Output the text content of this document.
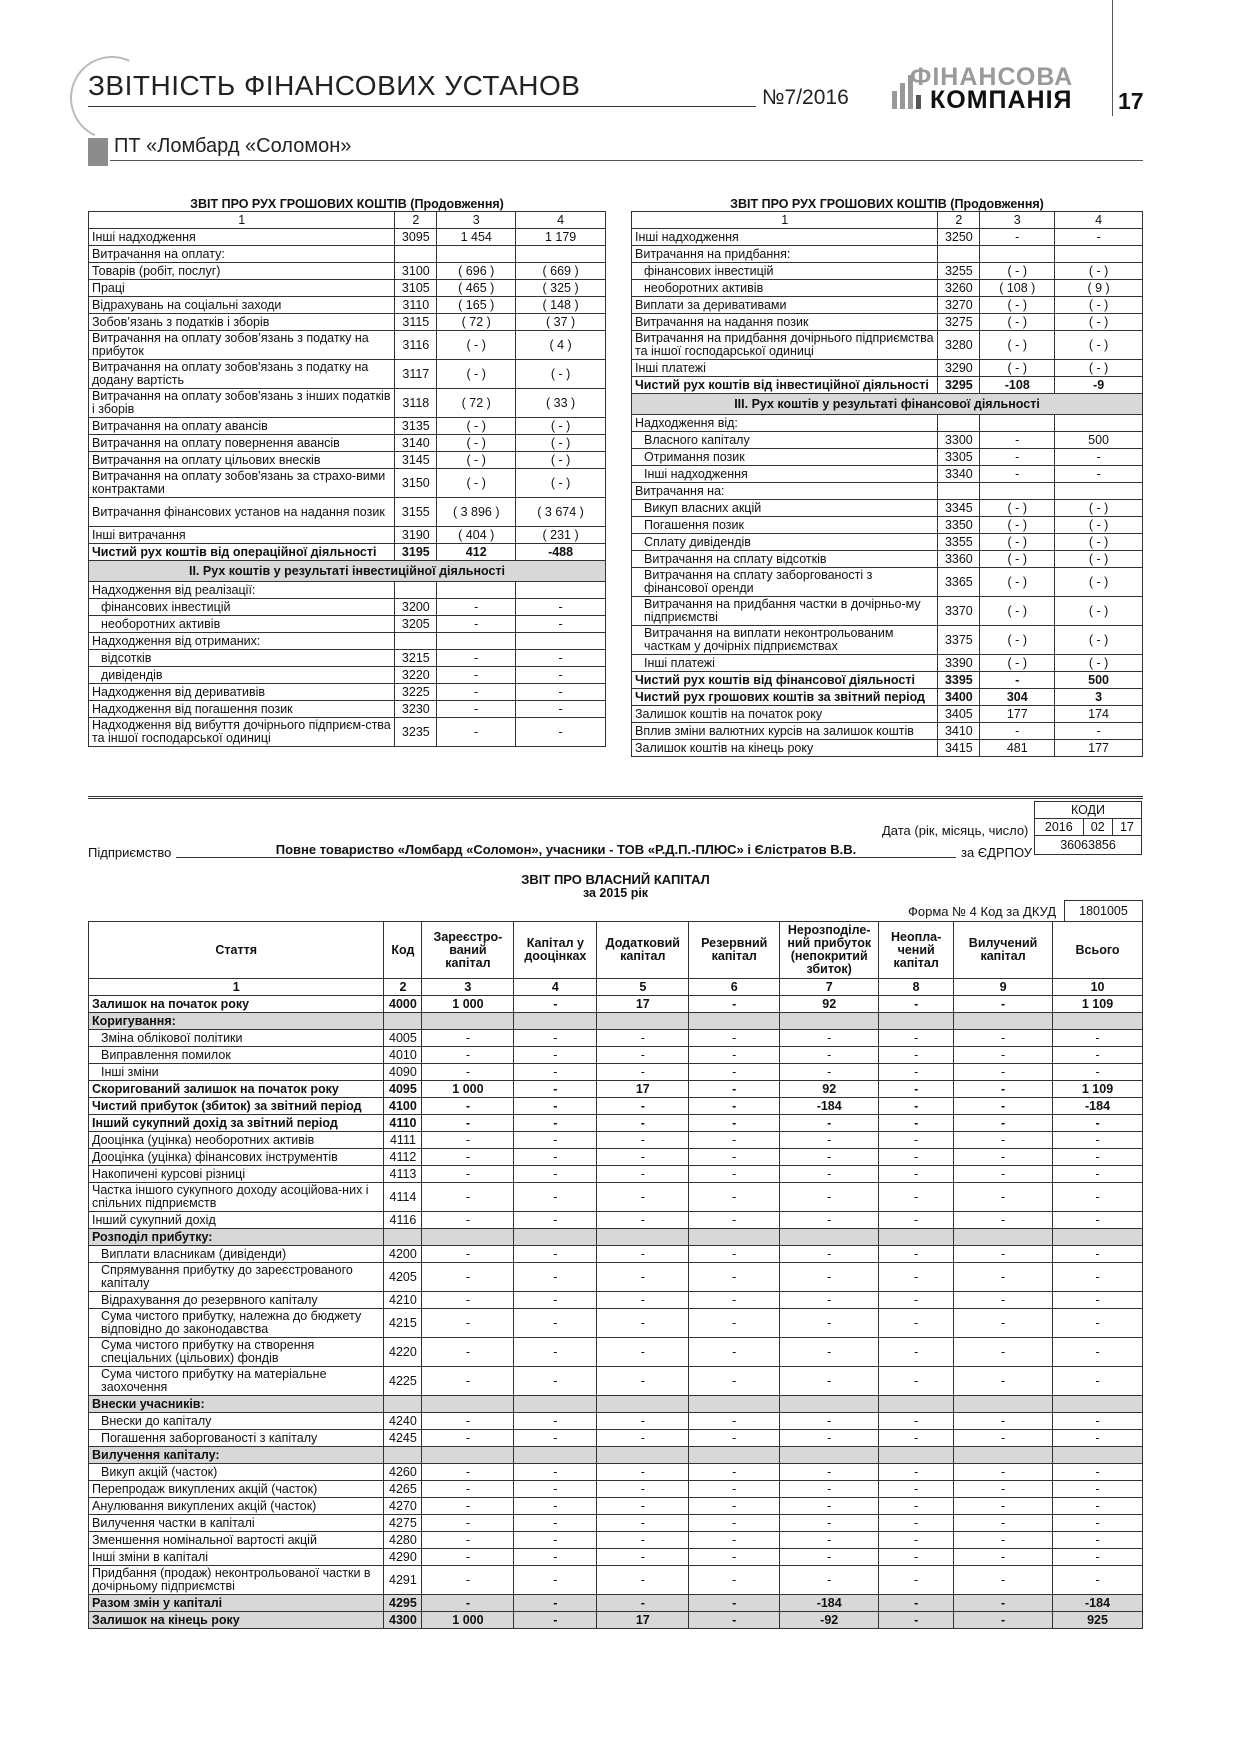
ЗВІТНІСТЬ ФІНАНСОВИХ УСТАНОВ	№7/2016
ФІНАНСОВА
КОМПАНІЯ 17
ПТ «Ломбард «Соломон»
ЗВІТ ПРО РУХ ГРОШОВИХ КОШТІВ (Продовження)			
1	2	3	4
Інші надходження	3095	1 454	1 179
Витрачання на оплату:			
Товарів (робіт, послуг)	3100	( 696 )	( 669 )
Праці	3105	( 465 )	( 325 )
Відрахувань на соціальні заходи	3110	( 165 )	( 148 )
Зобов’язань з податків і зборів	3115	( 72 )	( 37 )
Витрачання на оплату зобов’язань з податку на прибуток	3116	( - )	( 4 )
Витрачання на оплату зобов'язань з податку на додану вартість	3117	( - )	( - )
Витрачання на оплату зобов'язань з інших податків і зборів	3118	( 72 )	( 33 )
Витрачання на оплату авансів	3135	( - )	( - )
Витрачання на оплату повернення авансів	3140	( - )	( - )
Витрачання на оплату цільових внесків	3145	( - )	( - )
Витрачання на оплату зобов'язань за страхо-вими контрактами	3150	( - )	( - )
Витрачання фінансових установ на надання позик	3155	( 3 896 )	( 3 674 )
Інші витрачання	3190	( 404 )	( 231 )
Чистий рух коштів від операційної діяльності	3195	412	-488
ІІ. Рух коштів у результаті інвестиційної діяльності			
Надходження від реалізації:			
фінансових інвестицій	3200	-	-
необоротних активів	3205	-	-
Надходження від отриманих:			
відсотків	3215	-	-
дивідендів	3220	-	-
Надходження від деривативів	3225	-	-
Надходження від погашення позик	3230	-	-
Надходження від вибуття дочірнього підприєм-ства та іншої господарської одиниці	3235	-	-
ЗВІТ ПРО РУХ ГРОШОВИХ КОШТІВ (Продовження)			
1	2	3	4
Інші надходження	3250	-	-
Витрачання на придбання:			
фінансових інвестицій	3255	( - )	( - )
необоротних активів	3260	( 108 )	( 9 )
Виплати за деривативами	3270	( - )	( - )
Витрачання на надання позик	3275	( - )	( - )
Витрачання на придбання дочірнього підприємства та іншої господарської одиниці	3280	( - )	( - )
Інші платежі	3290	( - )	( - )
Чистий рух коштів від інвестиційної діяльності	3295	-108	-9
ІІІ. Рух коштів у результаті фінансової діяльності			
Надходження від:			
Власного капіталу	3300	-	500
Отримання позик	3305	-	-
Інші надходження	3340	-	-
Витрачання на:			
Викуп власних акцій	3345	( - )	( - )
Погашення позик	3350	( - )	( - )
Сплату дивідендів	3355	( - )	( - )
Витрачання на сплату відсотків	3360	( - )	( - )
Витрачання на сплату заборгованості з фінансової оренди	3365	( - )	( - )
Витрачання на придбання частки в дочірньо-му підприємстві	3370	( - )	( - )
Витрачання на виплати неконтрольованим часткам у дочірніх підприємствах	3375	( - )	( - )
Інші платежі	3390	( - )	( - )
Чистий рух коштів від фінансової діяльності	3395	-	500
Чистий рух грошових коштів за звітний період	3400	304	3
Залишок коштів на початок року	3405	177	174
Вплив зміни валютних курсів на залишок коштів	3410	-	-
Залишок коштів на кінець року	3415	481	177
КОДИ
2016	02	17
36063856
Дата (рік, місяць, число)
Підприємство	Повне товариство «Ломбард «Соломон», учасники - ТОВ «Р.Д.П.-ПЛЮС» і Єлістратов В.В.	за ЄДРПОУ
ЗВІТ ПРО ВЛАСНИЙ КАПІТАЛ
за 2015 рік
Форма № 4 Код за ДКУД 1801005
Стаття	Код	Зареєстро-ваний капітал	Капітал у дооцінках	Додатковий капітал	Резервний капітал	Нерозподіле-ний прибуток (непокритий збиток)	Неопла-чений капітал	Вилучений капітал	Всього
1	2	3	4	5	6	7	8	9	10
Залишок на початок року	4000	1 000	-	17	-	92	-	-	1 109
Коригування:									
Зміна облікової політики	4005	-	-	-	-	-	-	-	-
Виправлення помилок	4010	-	-	-	-	-	-	-	-
Інші зміни	4090	-	-	-	-	-	-	-	-
Скоригований залишок на початок року	4095	1 000	-	17	-	92	-	-	1 109
Чистий прибуток (збиток) за звітний період	4100	-	-	-	-	-184	-	-	-184
Інший сукупний дохід за звітний період	4110	-	-	-	-	-	-	-	-
Дооцінка (уцінка) необоротних активів	4111	-	-	-	-	-	-	-	-
Дооцінка (уцінка) фінансових інструментів	4112	-	-	-	-	-	-	-	-
Накопичені курсові різниці	4113	-	-	-	-	-	-	-	-
Частка іншого сукупного доходу асоційова-них і спільних підприємств	4114	-	-	-	-	-	-	-	-
Інший сукупний дохід	4116	-	-	-	-	-	-	-	-
Розподіл прибутку:									
Виплати власникам (дивіденди)	4200	-	-	-	-	-	-	-	-
Спрямування прибутку до зареєстрованого капіталу	4205	-	-	-	-	-	-	-	-
Відрахування до резервного капіталу	4210	-	-	-	-	-	-	-	-
Сума чистого прибутку, належна до бюджету відповідно до законодавства	4215	-	-	-	-	-	-	-	-
Сума чистого прибутку на створення спеціальних (цільових) фондів	4220	-	-	-	-	-	-	-	-
Сума чистого прибутку на матеріальне заохочення	4225	-	-	-	-	-	-	-	-
Внески учасників:									
Внески до капіталу	4240	-	-	-	-	-	-	-	-
Погашення заборгованості з капіталу	4245	-	-	-	-	-	-	-	-
Вилучення капіталу:									
Викуп акцій (часток)	4260	-	-	-	-	-	-	-	-
Перепродаж викуплених акцій (часток)	4265	-	-	-	-	-	-	-	-
Анулювання викуплених акцій (часток)	4270	-	-	-	-	-	-	-	-
Вилучення частки в капіталі	4275	-	-	-	-	-	-	-	-
Зменшення номінальної вартості акцій	4280	-	-	-	-	-	-	-	-
Інші зміни в капіталі	4290	-	-	-	-	-	-	-	-
Придбання (продаж) неконтрольованої частки в дочірньому підприємстві	4291	-	-	-	-	-	-	-	-
Разом змін у капіталі	4295	-	-	-	-	-184	-	-	-184
Залишок на кінець року	4300	1 000	-	17	-	-92	-	-	925
